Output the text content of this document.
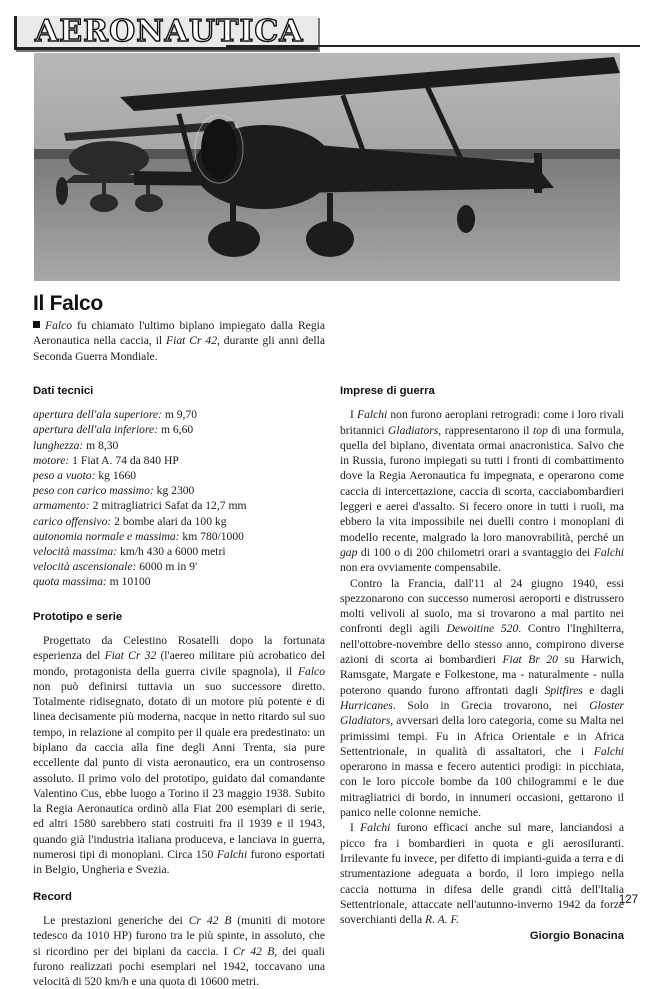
AERONAUTICA
Il Falco

Falco fu chiamato l'ultimo biplano impiegato dalla Regia Aeronautica nella caccia, il Fiat Cr 42, durante gli anni della Seconda Guerra Mondiale.

Dati tecnici
apertura dell'ala superiore: m 9,70
apertura dell'ala inferiore: m 6,60
lunghezza: m 8,30
motore: 1 Fiat A. 74 da 840 HP
peso a vuoto: kg 1660
peso con carico massimo: kg 2300
armamento: 2 mitragliatrici Safat da 12,7 mm
carico offensivo: 2 bombe alari da 100 kg
autonomia normale e massima: km 780/1000
velocità massima: km/h 430 a 6000 metri
velocità ascensionale: 6000 m in 9'
quota massima: m 10100
Prototipo e serie

Progettato da Celestino Rosatelli dopo la fortunata esperienza del Fiat Cr 32 (l'aereo militare più acrobatico del mondo, protagonista della guerra civile spagnola), il Falco non può definirsi tuttavia un suo successore diretto. Totalmente ridisegnato, dotato di un motore più potente e di linea decisamente più moderna, nacque in netto ritardo sul suo tempo, in relazione al compito per il quale era predestinato: un biplano da caccia alla fine degli Anni Trenta, sia pure eccellente dal punto di vista aeronautico, era un controsenso assoluto. Il primo volo del prototipo, guidato dal comandante Valentino Cus, ebbe luogo a Torino il 23 maggio 1938. Subito la Regia Aeronautica ordinò alla Fiat 200 esemplari di serie, ed altri 1580 sarebbero stati costruiti fra il 1939 e il 1943, quando già l'industria italiana produceva, e lanciava in guerra, numerosi tipi di monoplani. Circa 150 Falchi furono esportati in Belgio, Ungheria e Svezia.

Record

Le prestazioni generiche dei Cr 42 B (muniti di motore tedesco da 1010 HP) furono tra le più spinte, in assoluto, che si ricordino per dei biplani da caccia. I Cr 42 B, dei quali furono realizzati pochi esemplari nel 1942, toccavano una velocità di 520 km/h e una quota di 10600 metri.

Imprese di guerra

I Falchi non furono aeroplani retrogradi: come i loro rivali britannici Gladiators, rappresentarono il top di una formula, quella del biplano, diventata ormai anacronistica. Salvo che in Russia, furono impiegati su tutti i fronti di combattimento dove la Regia Aeronautica fu impegnata, e operarono come caccia di intercettazione, caccia di scorta, cacciabombardieri leggeri e aerei d'assalto. Si fecero onore in tutti i ruoli, ma ebbero la vita impossibile nei duelli contro i monoplani di modello recente, malgrado la loro manovrabilità, perché un gap di 100 o di 200 chilometri orari a svantaggio dei Falchi non era ovviamente compensabile.

Contro la Francia, dall'11 al 24 giugno 1940, essi spezzonarono con successo numerosi aeroporti e distrussero molti velivoli al suolo, ma si trovarono a mal partito nei confronti degli agili Dewoitine 520. Contro l'Inghilterra, nell'ottobre-novembre dello stesso anno, compirono diverse azioni di scorta ai bombardieri Fiat Br 20 su Harwich, Ramsgate, Margate e Folkestone, ma - naturalmente - nulla poterono quando furono affrontati dagli Spitfires e dagli Hurricanes. Solo in Grecia trovarono, nei Gloster Gladiators, avversari della loro categoria, come su Malta nei primissimi tempi. Fu in Africa Orientale e in Africa Settentrionale, in qualità di assaltatori, che i Falchi operarono in massa e fecero autentici prodigi: in picchiata, con le loro piccole bombe da 100 chilogrammi e le due mitragliatrici di bordo, in innumeri occasioni, gettarono il panico nelle colonne nemiche.

I Falchi furono efficaci anche sul mare, lanciandosi a picco fra i bombardieri in quota e gli aerosiluranti. Irrilevante fu invece, per difetto di impianti-guida a terra e di strumentazione adeguata a bordo, il loro impiego nella caccia notturna in difesa delle grandi città dell'Italia Settentrionale, attaccate nell'autunno-inverno 1942 da forze soverchianti della R. A. F.

Giorgio Bonacina
127
